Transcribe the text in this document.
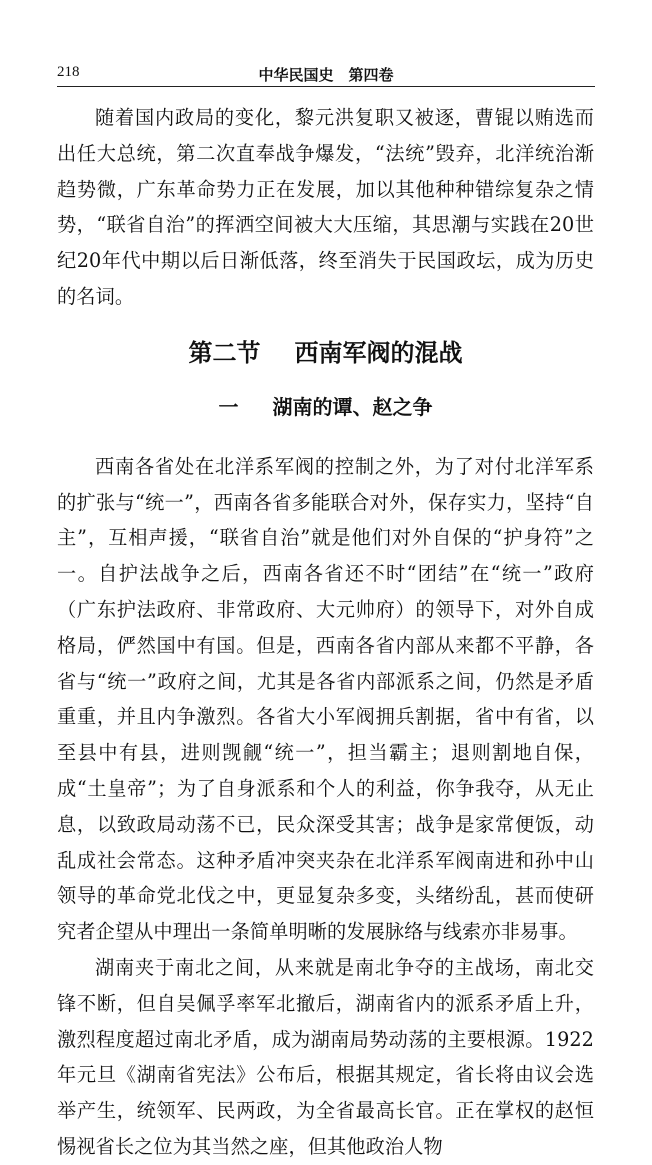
218	中华民国史　第四卷

随着国内政局的变化，黎元洪复职又被逐，曹锟以贿选而出任大总统，第二次直奉战争爆发，“法统”毁弃，北洋统治渐趋势微，广东革命势力正在发展，加以其他种种错综复杂之情势，“联省自治”的挥洒空间被大大压缩，其思潮与实践在20世纪20年代中期以后日渐低落，终至消失于民国政坛，成为历史的名词。

第二节 西南军阀的混战
一 湖南的谭、赵之争

西南各省处在北洋系军阀的控制之外，为了对付北洋军系的扩张与“统一”，西南各省多能联合对外，保存实力，坚持“自主”，互相声援，“联省自治”就是他们对外自保的“护身符”之一。自护法战争之后，西南各省还不时“团结”在“统一”政府（广东护法政府、非常政府、大元帅府）的领导下，对外自成格局，俨然国中有国。但是，西南各省内部从来都不平静，各省与“统一”政府之间，尤其是各省内部派系之间，仍然是矛盾重重，并且内争激烈。各省大小军阀拥兵割据，省中有省，以至县中有县，进则觊觎“统一”，担当霸主；退则割地自保，成“土皇帝”；为了自身派系和个人的利益，你争我夺，从无止息，以致政局动荡不已，民众深受其害；战争是家常便饭，动乱成社会常态。这种矛盾冲突夹杂在北洋系军阀南进和孙中山领导的革命党北伐之中，更显复杂多变，头绪纷乱，甚而使研究者企望从中理出一条简单明晰的发展脉络与线索亦非易事。

湖南夹于南北之间，从来就是南北争夺的主战场，南北交锋不断，但自吴佩孚率军北撤后，湖南省内的派系矛盾上升，激烈程度超过南北矛盾，成为湖南局势动荡的主要根源。1922年元旦《湖南省宪法》公布后，根据其规定，省长将由议会选举产生，统领军、民两政，为全省最高长官。正在掌权的赵恒惕视省长之位为其当然之座，但其他政治人物
